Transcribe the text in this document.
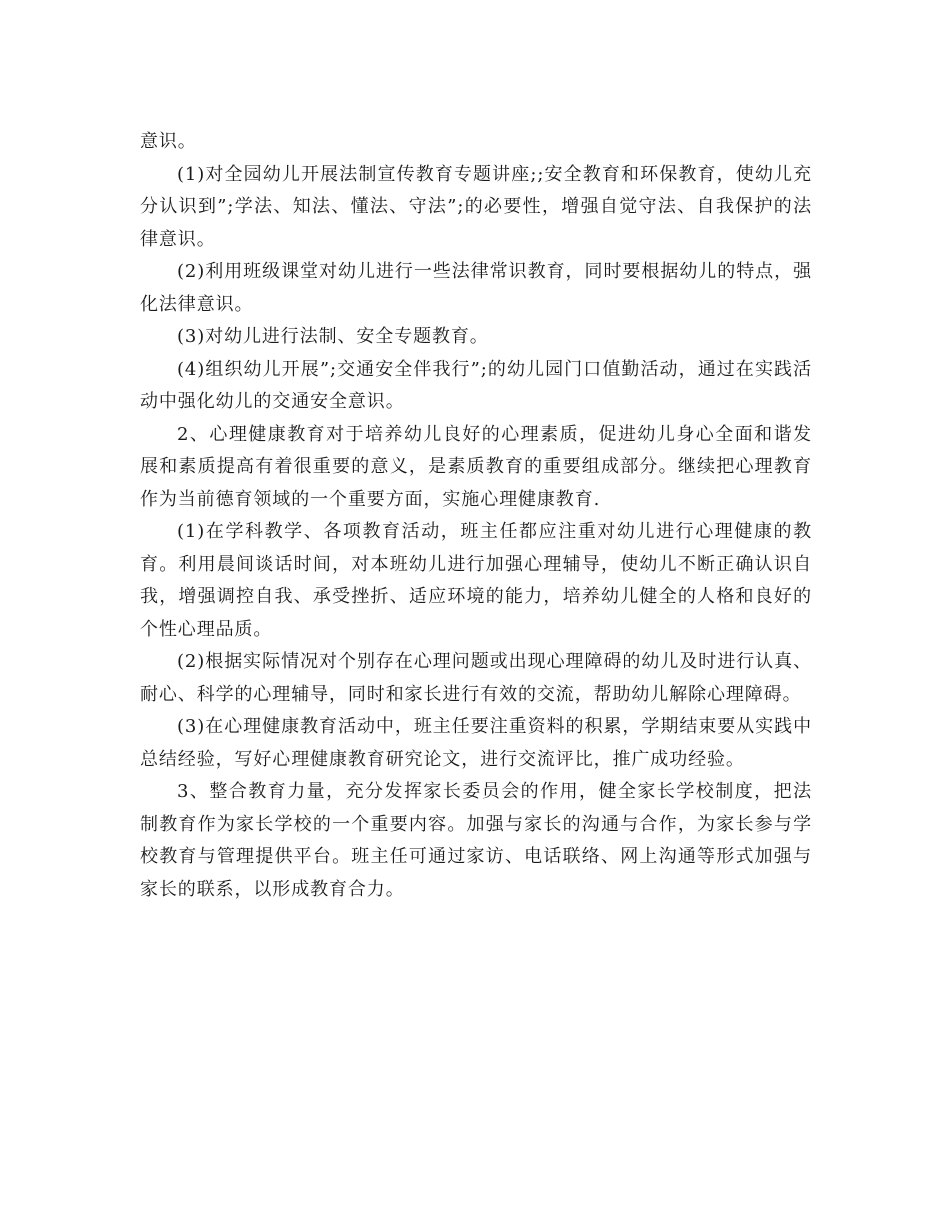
意识。

(1)对全园幼儿开展法制宣传教育专题讲座;;安全教育和环保教育，使幼儿充分认识到”;学法、知法、懂法、守法”;的必要性，增强自觉守法、自我保护的法律意识。

(2)利用班级课堂对幼儿进行一些法律常识教育，同时要根据幼儿的特点，强化法律意识。

(3)对幼儿进行法制、安全专题教育。

(4)组织幼儿开展”;交通安全伴我行”;的幼儿园门口值勤活动，通过在实践活动中强化幼儿的交通安全意识。

2、心理健康教育对于培养幼儿良好的心理素质，促进幼儿身心全面和谐发展和素质提高有着很重要的意义，是素质教育的重要组成部分。继续把心理教育作为当前德育领域的一个重要方面，实施心理健康教育.

(1)在学科教学、各项教育活动，班主任都应注重对幼儿进行心理健康的教育。利用晨间谈话时间，对本班幼儿进行加强心理辅导，使幼儿不断正确认识自我，增强调控自我、承受挫折、适应环境的能力，培养幼儿健全的人格和良好的个性心理品质。

(2)根据实际情况对个别存在心理问题或出现心理障碍的幼儿及时进行认真、耐心、科学的心理辅导，同时和家长进行有效的交流，帮助幼儿解除心理障碍。

(3)在心理健康教育活动中，班主任要注重资料的积累，学期结束要从实践中总结经验，写好心理健康教育研究论文，进行交流评比，推广成功经验。

3、整合教育力量，充分发挥家长委员会的作用，健全家长学校制度，把法制教育作为家长学校的一个重要内容。加强与家长的沟通与合作，为家长参与学校教育与管理提供平台。班主任可通过家访、电话联络、网上沟通等形式加强与家长的联系，以形成教育合力。
